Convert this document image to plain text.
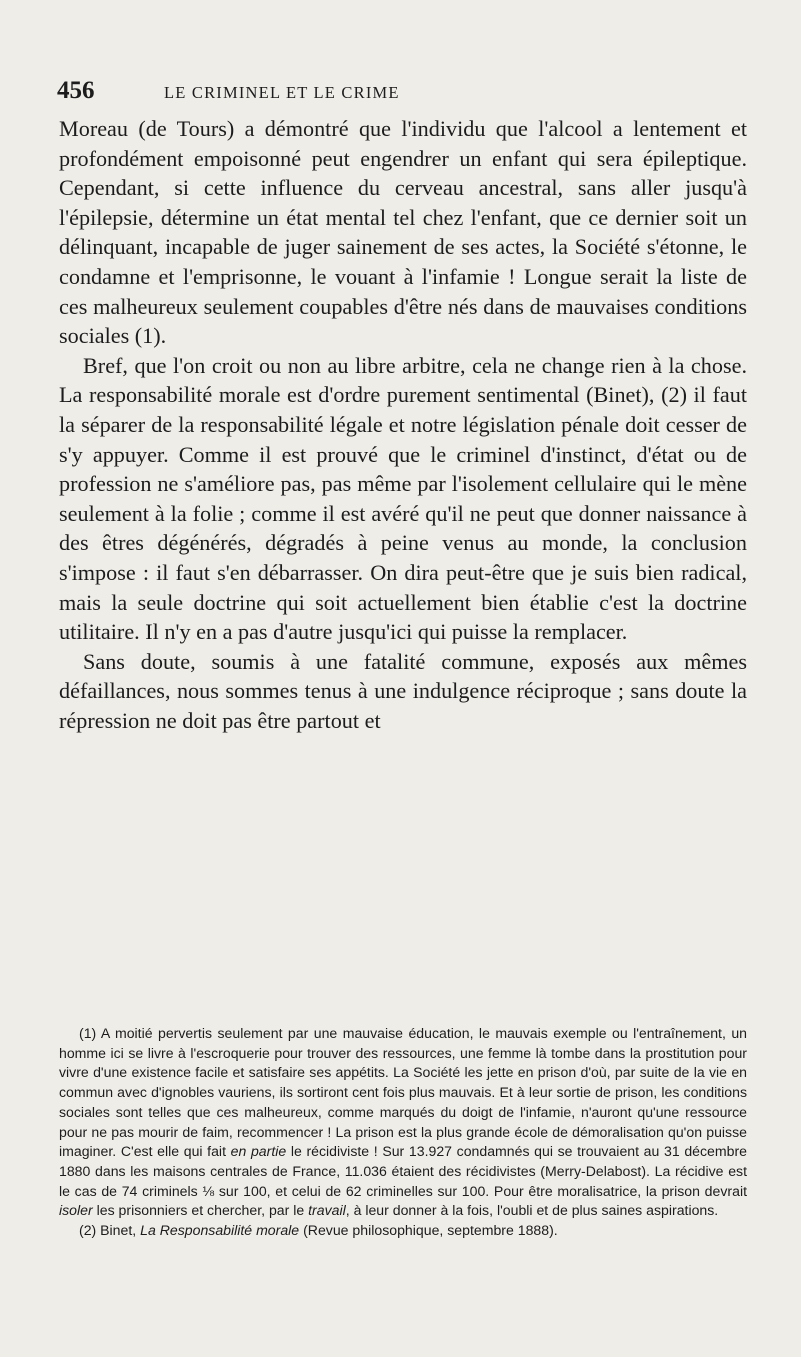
456	LE CRIMINEL ET LE CRIME

Moreau (de Tours) a démontré que l'individu que l'alcool a lentement et profondément empoisonné peut engendrer un enfant qui sera épileptique. Cependant, si cette influence du cerveau ancestral, sans aller jusqu'à l'épilepsie, détermine un état mental tel chez l'enfant, que ce dernier soit un délinquant, incapable de juger sainement de ses actes, la Société s'étonne, le condamne et l'emprisonne, le vouant à l'infamie ! Longue serait la liste de ces malheureux seulement coupables d'être nés dans de mauvaises conditions sociales (1).

Bref, que l'on croit ou non au libre arbitre, cela ne change rien à la chose. La responsabilité morale est d'ordre purement sentimental (Binet), (2) il faut la séparer de la responsabilité légale et notre législation pénale doit cesser de s'y appuyer. Comme il est prouvé que le criminel d'instinct, d'état ou de profession ne s'améliore pas, pas même par l'isolement cellulaire qui le mène seulement à la folie ; comme il est avéré qu'il ne peut que donner naissance à des êtres dégénérés, dégradés à peine venus au monde, la conclusion s'impose : il faut s'en débarrasser. On dira peut-être que je suis bien radical, mais la seule doctrine qui soit actuellement bien établie c'est la doctrine utilitaire. Il n'y en a pas d'autre jusqu'ici qui puisse la remplacer.

Sans doute, soumis à une fatalité commune, exposés aux mêmes défaillances, nous sommes tenus à une indulgence réciproque ; sans doute la répression ne doit pas être partout et

(1) A moitié pervertis seulement par une mauvaise éducation, le mauvais exemple ou l'entraînement, un homme ici se livre à l'escroquerie pour trouver des ressources, une femme là tombe dans la prostitution pour vivre d'une existence facile et satisfaire ses appétits. La Société les jette en prison d'où, par suite de la vie en commun avec d'ignobles vauriens, ils sortiront cent fois plus mauvais. Et à leur sortie de prison, les conditions sociales sont telles que ces malheureux, comme marqués du doigt de l'infamie, n'auront qu'une ressource pour ne pas mourir de faim, recommencer ! La prison est la plus grande école de démoralisation qu'on puisse imaginer. C'est elle qui fait en partie le récidiviste ! Sur 13.927 condamnés qui se trouvaient au 31 décembre 1880 dans les maisons centrales de France, 11.036 étaient des récidivistes (Merry-Delabost). La récidive est le cas de 74 criminels ⅛ sur 100, et celui de 62 criminelles sur 100. Pour être moralisatrice, la prison devrait isoler les prisonniers et chercher, par le travail, à leur donner à la fois, l'oubli et de plus saines aspirations.

(2) Binet, La Responsabilité morale (Revue philosophique, septembre 1888).
